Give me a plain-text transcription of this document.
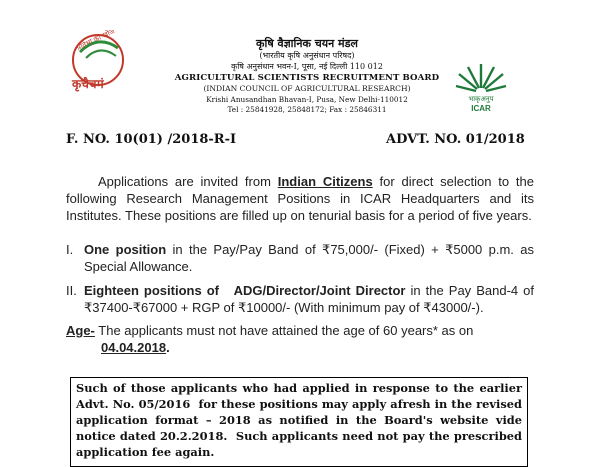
प्रतिभा की खोज
कृचैचमं
कृषि वैज्ञानिक चयन मंडल
(भारतीय कृषि अनुसंधान परिषद)
कृषि अनुसंधान भवन-I, पूसा, नई दिल्ली 110 012
AGRICULTURAL SCIENTISTS RECRUITMENT BOARD
(INDIAN COUNCIL OF AGRICULTURAL RESEARCH)
Krishi Anusandhan Bhavan-I, Pusa, New Delhi-110012
Tel : 25841928, 25848172; Fax : 25846311
भाकृअनुप
ICAR
F. NO. 10(01) /2018-R-I	ADVT. NO. 01/2018
Applications are invited from Indian Citizens for direct selection to the following Research Management Positions in ICAR Headquarters and its Institutes. These positions are filled up on tenurial basis for a period of five years.
I. One position in the Pay/Pay Band of ₹75,000/- (Fixed) + ₹5000 p.m. as Special Allowance.
II. Eighteen positions of   ADG/Director/Joint Director in the Pay Band-4 of ₹37400-₹67000 + RGP of ₹10000/- (With minimum pay of ₹43000/-).
Age- The applicants must not have attained the age of 60 years* as on
04.04.2018.
Such of those applicants who had applied in response to the earlier Advt. No. 05/2016  for these positions may apply afresh in the revised application format – 2018 as notified in the Board's website vide notice dated 20.2.2018.  Such applicants need not pay the prescribed application fee again.
